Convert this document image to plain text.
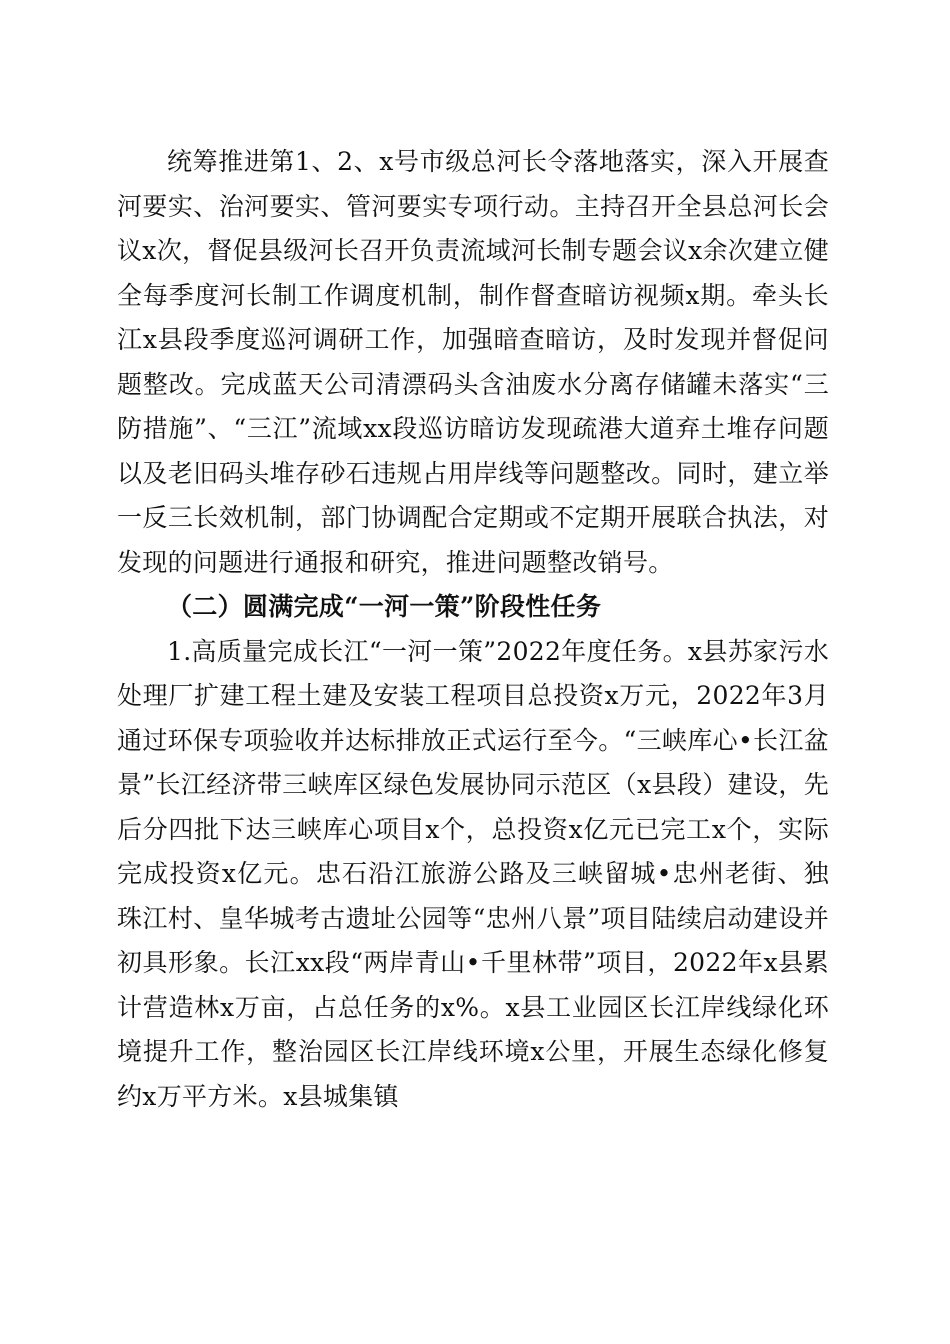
统筹推进第1、2、x号市级总河长令落地落实，深入开展查河要实、治河要实、管河要实专项行动。主持召开全县总河长会议x次，督促县级河长召开负责流域河长制专题会议x余次建立健全每季度河长制工作调度机制，制作督查暗访视频x期。牵头长江x县段季度巡河调研工作，加强暗查暗访，及时发现并督促问题整改。完成蓝天公司清漂码头含油废水分离存储罐未落实“三防措施”、“三江”流域xx段巡访暗访发现疏港大道弃土堆存问题以及老旧码头堆存砂石违规占用岸线等问题整改。同时，建立举一反三长效机制，部门协调配合定期或不定期开展联合执法，对发现的问题进行通报和研究，推进问题整改销号。

（二）圆满完成“一河一策”阶段性任务

1.高质量完成长江“一河一策”2022年度任务。x县苏家污水处理厂扩建工程土建及安装工程项目总投资x万元，2022年3月通过环保专项验收并达标排放正式运行至今。“三峡库心•长江盆景”长江经济带三峡库区绿色发展协同示范区（x县段）建设，先后分四批下达三峡库心项目x个，总投资x亿元已完工x个，实际完成投资x亿元。忠石沿江旅游公路及三峡留城•忠州老街、独珠江村、皇华城考古遗址公园等“忠州八景”项目陆续启动建设并初具形象。长江xx段“两岸青山•千里林带”项目，2022年x县累计营造林x万亩，占总任务的x%。x县工业园区长江岸线绿化环境提升工作，整治园区长江岸线环境x公里，开展生态绿化修复约x万平方米。x县城集镇
